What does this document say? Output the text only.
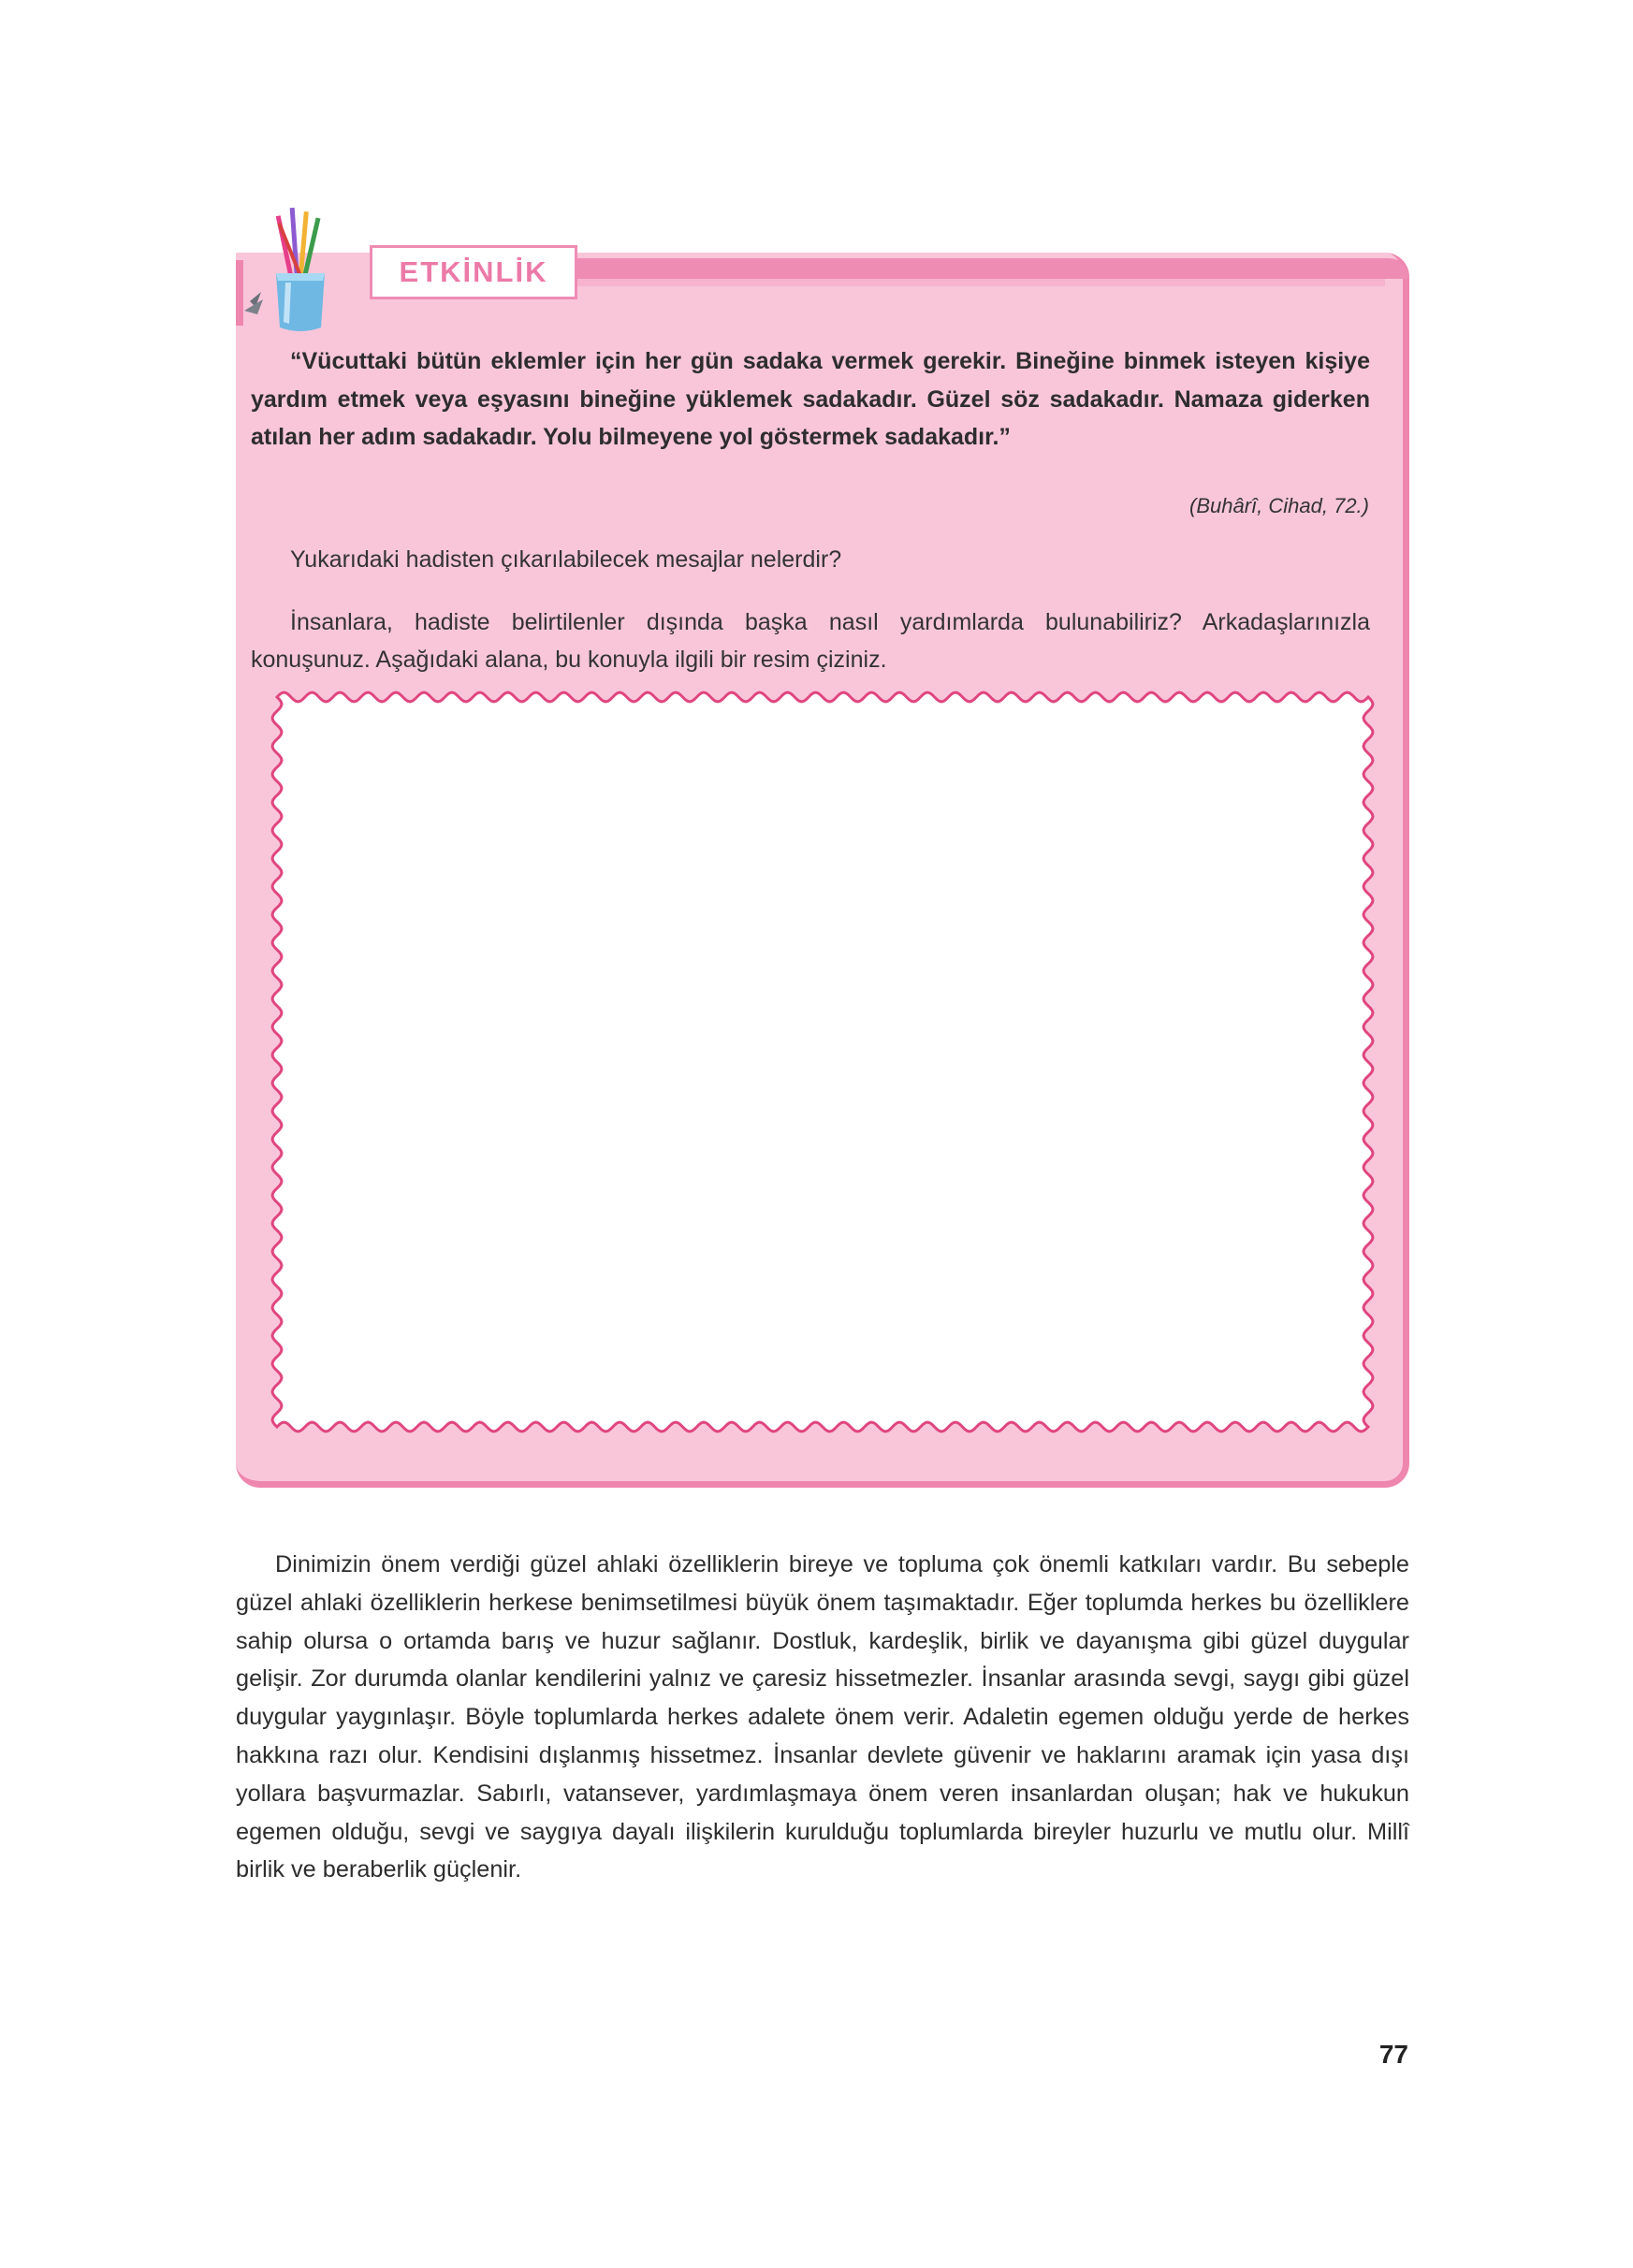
ETKİNLİK

“Vücuttaki bütün eklemler için her gün sadaka vermek gerekir. Bineğine binmek isteyen kişiye yardım etmek veya eşyasını bineğine yüklemek sadakadır. Güzel söz sadakadır. Namaza giderken atılan her adım sadakadır. Yolu bilmeyene yol göstermek sadakadır.”

(Buhârî, Cihad, 72.)

Yukarıdaki hadisten çıkarılabilecek mesajlar nelerdir?

İnsanlara, hadiste belirtilenler dışında başka nasıl yardımlarda bulunabiliriz? Arkadaşlarınızla konuşunuz. Aşağıdaki alana, bu konuyla ilgili bir resim çiziniz.

Dinimizin önem verdiği güzel ahlaki özelliklerin bireye ve topluma çok önemli katkıları vardır. Bu sebeple güzel ahlaki özelliklerin herkese benimsetilmesi büyük önem taşımaktadır. Eğer toplumda herkes bu özelliklere sahip olursa o ortamda barış ve huzur sağlanır. Dostluk, kardeşlik, birlik ve dayanışma gibi güzel duygular gelişir. Zor durumda olanlar kendilerini yalnız ve çaresiz hissetmezler. İnsanlar arasında sevgi, saygı gibi güzel duygular yaygınlaşır. Böyle toplumlarda herkes adalete önem verir. Adaletin egemen olduğu yerde de herkes hakkına razı olur. Kendisini dışlanmış hissetmez. İnsanlar devlete güvenir ve haklarını aramak için yasa dışı yollara başvurmazlar. Sabırlı, vatansever, yardımlaşmaya önem veren insanlardan oluşan; hak ve hukukun egemen olduğu, sevgi ve saygıya dayalı ilişkilerin kurulduğu toplumlarda bireyler huzurlu ve mutlu olur. Millî birlik ve beraberlik güçlenir.

77
